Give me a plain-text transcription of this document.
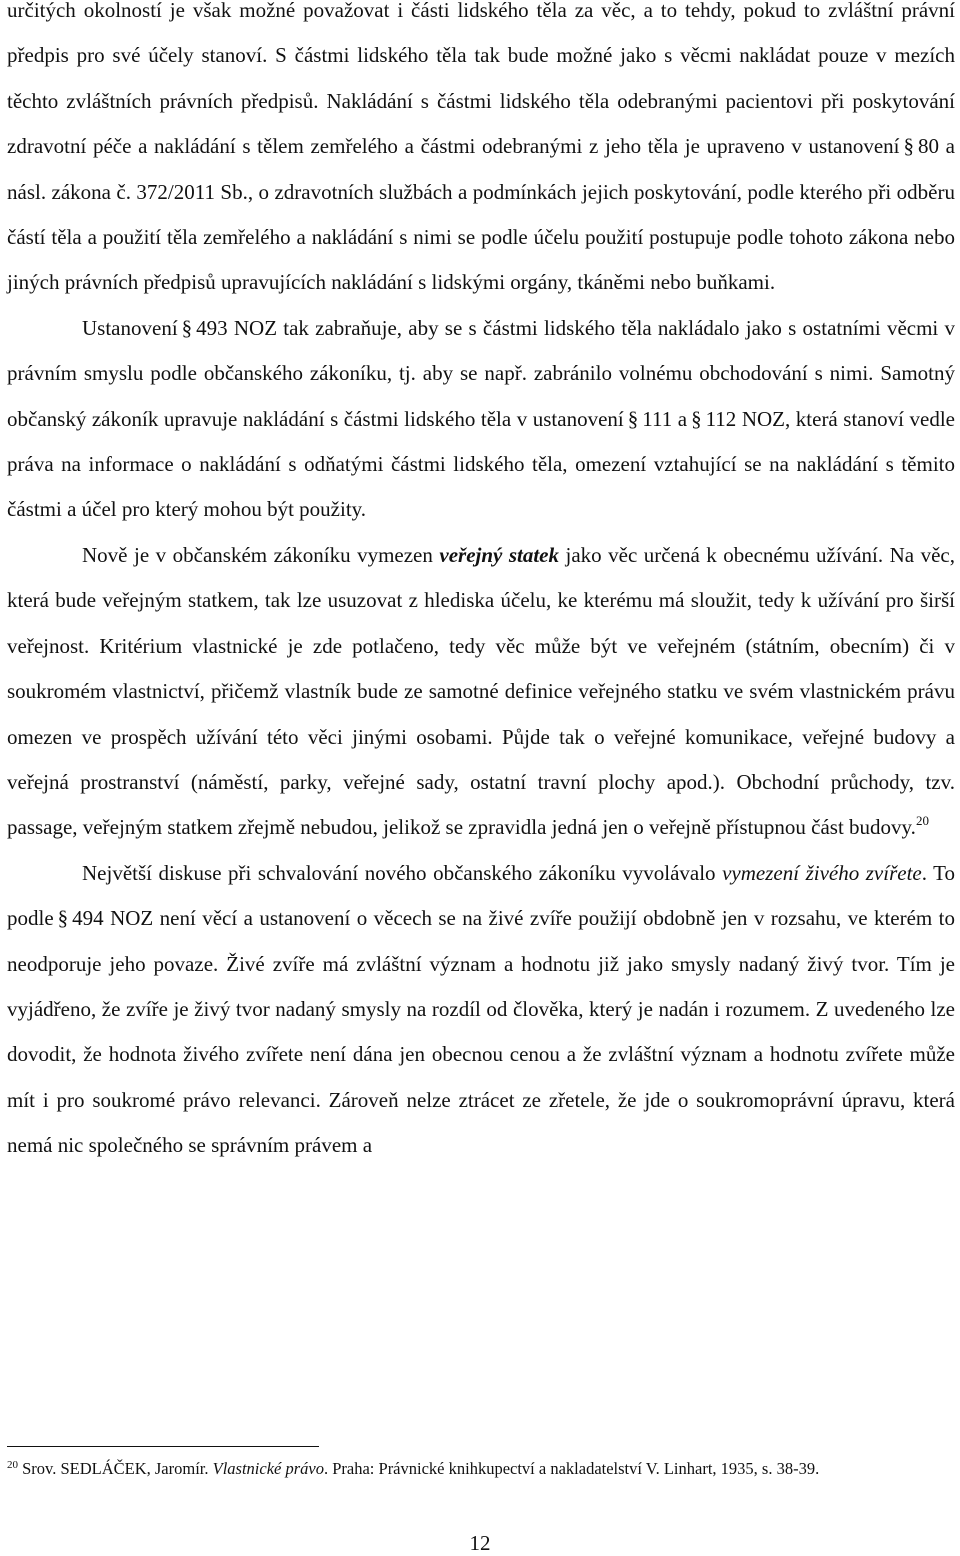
určitých okolností je však možné považovat i části lidského těla za věc, a to tehdy, pokud to zvláštní právní předpis pro své účely stanoví. S částmi lidského těla tak bude možné jako s věcmi nakládat pouze v mezích těchto zvláštních právních předpisů. Nakládání s částmi lidského těla odebranými pacientovi při poskytování zdravotní péče a nakládání s tělem zemřelého a částmi odebranými z jeho těla je upraveno v ustanovení § 80 a násl. zákona č. 372/2011 Sb., o zdravotních službách a podmínkách jejich poskytování, podle kterého při odběru částí těla a použití těla zemřelého a nakládání s nimi se podle účelu použití postupuje podle tohoto zákona nebo jiných právních předpisů upravujících nakládání s lidskými orgány, tkáněmi nebo buňkami.

Ustanovení § 493 NOZ tak zabraňuje, aby se s částmi lidského těla nakládalo jako s ostatními věcmi v právním smyslu podle občanského zákoníku, tj. aby se např. zabránilo volnému obchodování s nimi. Samotný občanský zákoník upravuje nakládání s částmi lidského těla v ustanovení § 111 a § 112 NOZ, která stanoví vedle práva na informace o nakládání s odňatými částmi lidského těla, omezení vztahující se na nakládání s těmito částmi a účel pro který mohou být použity.

Nově je v občanském zákoníku vymezen veřejný statek jako věc určená k obecnému užívání. Na věc, která bude veřejným statkem, tak lze usuzovat z hlediska účelu, ke kterému má sloužit, tedy k užívání pro širší veřejnost. Kritérium vlastnické je zde potlačeno, tedy věc může být ve veřejném (státním, obecním) či v soukromém vlastnictví, přičemž vlastník bude ze samotné definice veřejného statku ve svém vlastnickém právu omezen ve prospěch užívání této věci jinými osobami. Půjde tak o veřejné komunikace, veřejné budovy a veřejná prostranství (náměstí, parky, veřejné sady, ostatní travní plochy apod.). Obchodní průchody, tzv. passage, veřejným statkem zřejmě nebudou, jelikož se zpravidla jedná jen o veřejně přístupnou část budovy.$^{20}$

Největší diskuse při schvalování nového občanského zákoníku vyvolávalo vymezení živého zvířete. To podle § 494 NOZ není věcí a ustanovení o věcech se na živé zvíře použijí obdobně jen v rozsahu, ve kterém to neodporuje jeho povaze. Živé zvíře má zvláštní význam a hodnotu již jako smysly nadaný živý tvor. Tím je vyjádřeno, že zvíře je živý tvor nadaný smysly na rozdíl od člověka, který je nadán i rozumem. Z uvedeného lze dovodit, že hodnota živého zvířete není dána jen obecnou cenou a že zvláštní význam a hodnotu zvířete může mít i pro soukromé právo relevanci. Zároveň nelze ztrácet ze zřetele, že jde o soukromoprávní úpravu, která nemá nic společného se správním právem a

$^{20}$ Srov. SEDLÁČEK, Jaromír. Vlastnické právo. Praha: Právnické knihkupectví a nakladatelství V. Linhart, 1935, s. 38-39.
12
